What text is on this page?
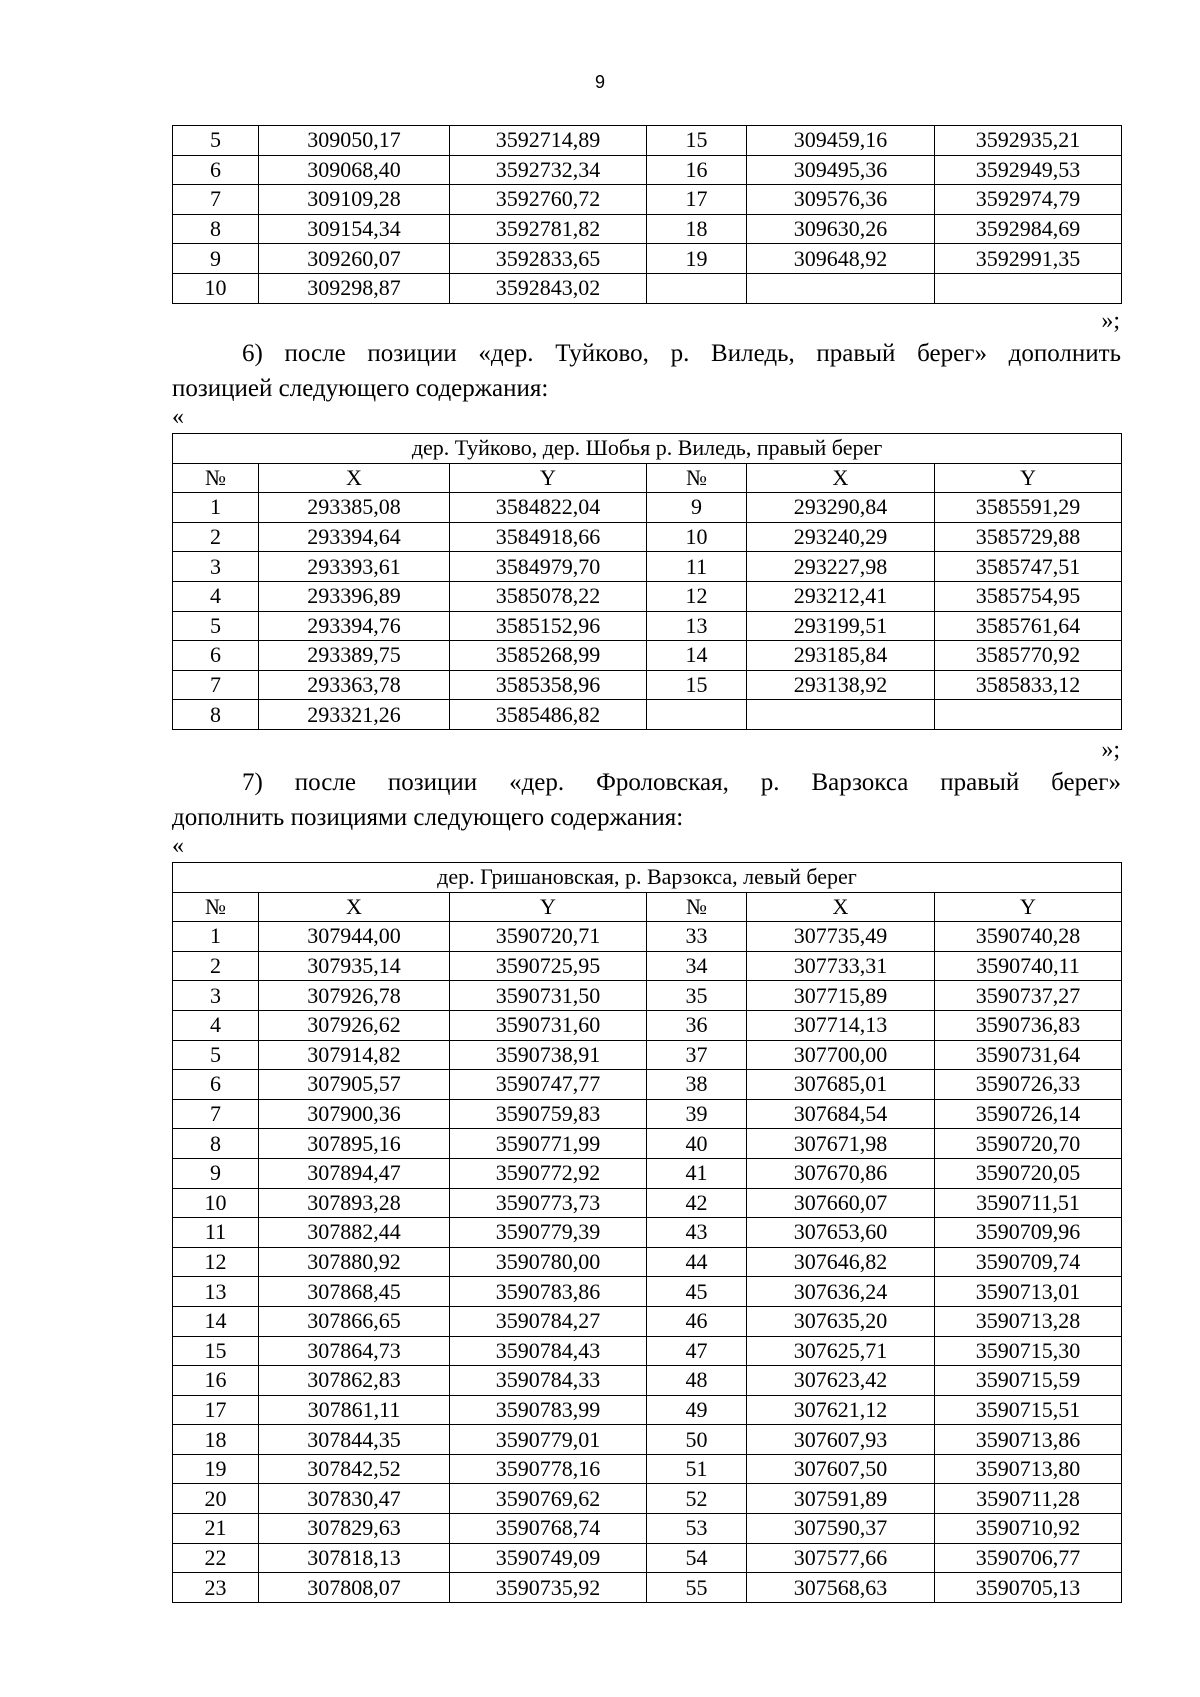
9
5	309050,17	3592714,89	15	309459,16	3592935,21
6	309068,40	3592732,34	16	309495,36	3592949,53
7	309109,28	3592760,72	17	309576,36	3592974,79
8	309154,34	3592781,82	18	309630,26	3592984,69
9	309260,07	3592833,65	19	309648,92	3592991,35
10	309298,87	3592843,02			
»;
6) после позиции «дер. Туйково, р. Виледь, правый берег» дополнить
позицией следующего содержания:
«
дер. Туйково, дер. Шобья р. Виледь, правый берег					
№	X	Y	№	X	Y
1	293385,08	3584822,04	9	293290,84	3585591,29
2	293394,64	3584918,66	10	293240,29	3585729,88
3	293393,61	3584979,70	11	293227,98	3585747,51
4	293396,89	3585078,22	12	293212,41	3585754,95
5	293394,76	3585152,96	13	293199,51	3585761,64
6	293389,75	3585268,99	14	293185,84	3585770,92
7	293363,78	3585358,96	15	293138,92	3585833,12
8	293321,26	3585486,82			
»;
7) после позиции «дер. Фроловская, р. Варзокса правый берег»
дополнить позициями следующего содержания:
«
дер. Гришановская, р. Варзокса, левый берег					
№	X	Y	№	X	Y
1	307944,00	3590720,71	33	307735,49	3590740,28
2	307935,14	3590725,95	34	307733,31	3590740,11
3	307926,78	3590731,50	35	307715,89	3590737,27
4	307926,62	3590731,60	36	307714,13	3590736,83
5	307914,82	3590738,91	37	307700,00	3590731,64
6	307905,57	3590747,77	38	307685,01	3590726,33
7	307900,36	3590759,83	39	307684,54	3590726,14
8	307895,16	3590771,99	40	307671,98	3590720,70
9	307894,47	3590772,92	41	307670,86	3590720,05
10	307893,28	3590773,73	42	307660,07	3590711,51
11	307882,44	3590779,39	43	307653,60	3590709,96
12	307880,92	3590780,00	44	307646,82	3590709,74
13	307868,45	3590783,86	45	307636,24	3590713,01
14	307866,65	3590784,27	46	307635,20	3590713,28
15	307864,73	3590784,43	47	307625,71	3590715,30
16	307862,83	3590784,33	48	307623,42	3590715,59
17	307861,11	3590783,99	49	307621,12	3590715,51
18	307844,35	3590779,01	50	307607,93	3590713,86
19	307842,52	3590778,16	51	307607,50	3590713,80
20	307830,47	3590769,62	52	307591,89	3590711,28
21	307829,63	3590768,74	53	307590,37	3590710,92
22	307818,13	3590749,09	54	307577,66	3590706,77
23	307808,07	3590735,92	55	307568,63	3590705,13
